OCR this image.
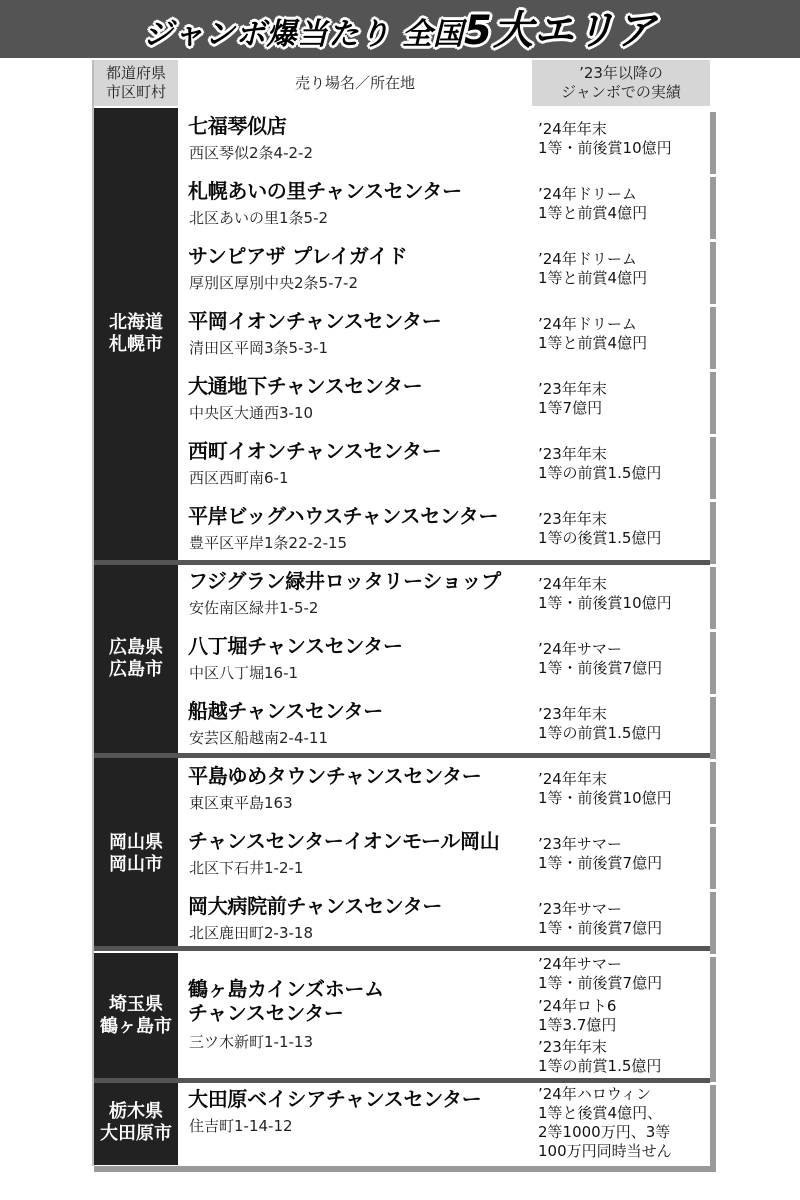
ジャンボ爆当たり 全国5大エリア
都道府県
市区町村
売り場名／所在地
’23年以降の
ジャンボでの実績
北海道
札幌市
広島県
広島市
岡山県
岡山市
埼玉県
鶴ヶ島市
栃木県
大田原市
七福琴似店
西区琴似2条4-2-2
’24年年末
1等・前後賞10億円
札幌あいの里チャンスセンター
北区あいの里1条5-2
’24年ドリーム
1等と前賞4億円
サンピアザ プレイガイド
厚別区厚別中央2条5-7-2
’24年ドリーム
1等と前賞4億円
平岡イオンチャンスセンター
清田区平岡3条5-3-1
’24年ドリーム
1等と前賞4億円
大通地下チャンスセンター
中央区大通西3-10
’23年年末
1等7億円
西町イオンチャンスセンター
西区西町南6-1
’23年年末
1等の前賞1.5億円
平岸ビッグハウスチャンスセンター
豊平区平岸1条22-2-15
’23年年末
1等の後賞1.5億円
フジグラン緑井ロッタリーショップ
安佐南区緑井1-5-2
’24年年末
1等・前後賞10億円
八丁堀チャンスセンター
中区八丁堀16-1
’24年サマー
1等・前後賞7億円
船越チャンスセンター
安芸区船越南2-4-11
’23年年末
1等の前賞1.5億円
平島ゆめタウンチャンスセンター
東区東平島163
’24年年末
1等・前後賞10億円
チャンスセンターイオンモール岡山
北区下石井1-2-1
’23年サマー
1等・前後賞7億円
岡大病院前チャンスセンター
北区鹿田町2-3-18
’23年サマー
1等・前後賞7億円
鶴ヶ島カインズホーム
チャンスセンター
三ツ木新町1-1-13
’24年サマー
1等・前後賞7億円
’24年ロト6
1等3.7億円
’23年年末
1等の前賞1.5億円
大田原ベイシアチャンスセンター
住吉町1-14-12
’24年ハロウィン
1等と後賞4億円、
2等1000万円、3等
100万円同時当せん
